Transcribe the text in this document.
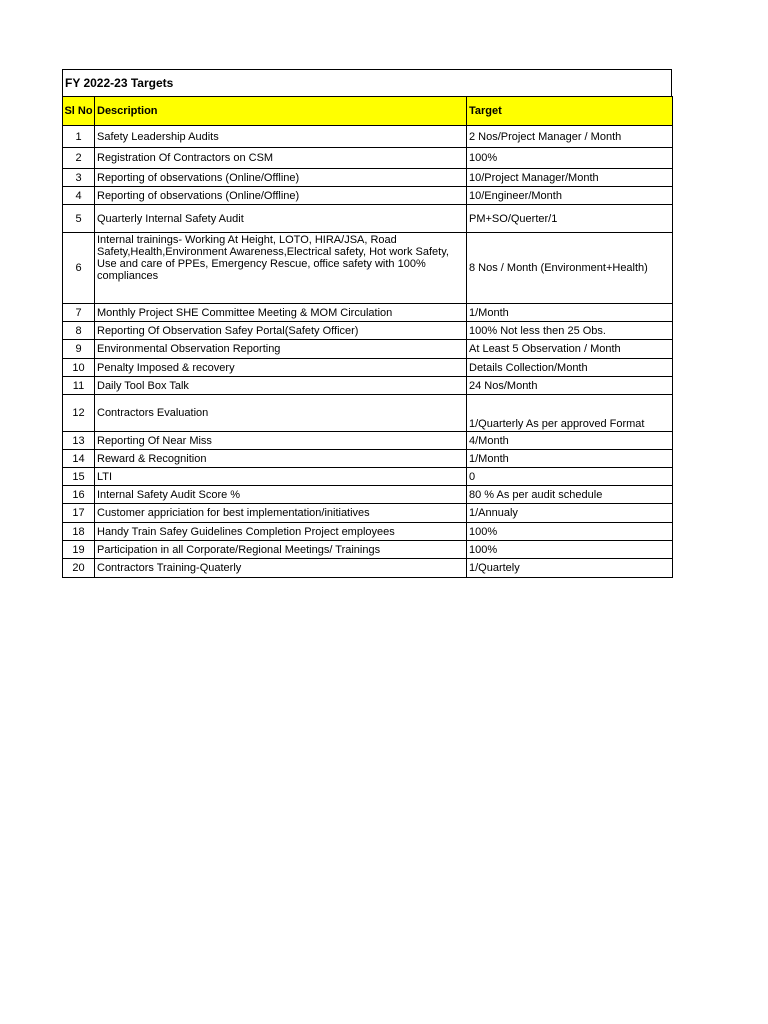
FY 2022-23 Targets
Sl No	Description	Target
1	Safety Leadership Audits	2 Nos/Project Manager / Month
2	Registration Of Contractors on CSM	100%
3	Reporting of observations (Online/Offline)	10/Project Manager/Month
4	Reporting of observations (Online/Offline)	10/Engineer/Month
5	Quarterly Internal Safety Audit	PM+SO/Querter/1
6	Internal trainings- Working At Height, LOTO, HIRA/JSA, Road Safety,Health,Environment Awareness,Electrical safety, Hot work Safety, Use and care of PPEs, Emergency Rescue, office safety with 100% compliances	8 Nos / Month (Environment+Health)
7	Monthly Project SHE Committee Meeting & MOM Circulation	1/Month
8	Reporting Of Observation Safey Portal(Safety Officer)	100% Not less then 25 Obs.
9	Environmental Observation Reporting	At Least 5 Observation / Month
10	Penalty Imposed & recovery	Details Collection/Month
11	Daily Tool Box Talk	24 Nos/Month
12	Contractors Evaluation	1/Quarterly As per approved Format
13	Reporting Of Near Miss	4/Month
14	Reward & Recognition	1/Month
15	LTI	0
16	Internal Safety Audit Score %	80 % As per audit schedule
17	Customer appriciation for best implementation/initiatives	1/Annualy
18	Handy Train Safey Guidelines Completion Project employees	100%
19	Participation in all Corporate/Regional Meetings/ Trainings	100%
20	Contractors Training-Quaterly	1/Quartely
